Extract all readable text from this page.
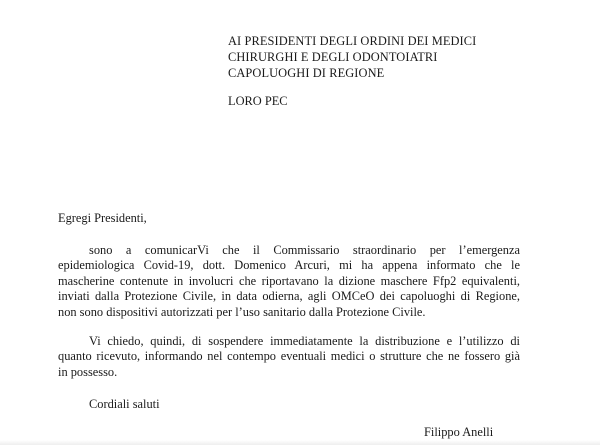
AI PRESIDENTI DEGLI ORDINI DEI MEDICI
CHIRURGHI E DEGLI ODONTOIATRI
CAPOLUOGHI DI REGIONE
LORO PEC
Egregi Presidenti,
sono a comunicarVi che il Commissario straordinario per l’emergenza
epidemiologica Covid-19, dott. Domenico Arcuri, mi ha appena informato che le
mascherine contenute in involucri che riportavano la dizione maschere Ffp2 equivalenti,
inviati dalla Protezione Civile, in data odierna, agli OMCeO dei capoluoghi di Regione,
non sono dispositivi autorizzati per l’uso sanitario dalla Protezione Civile.
Vi chiedo, quindi, di sospendere immediatamente la distribuzione e l’utilizzo di
quanto ricevuto, informando nel contempo eventuali medici o strutture che ne fossero già
in possesso.
Cordiali saluti
Filippo Anelli
